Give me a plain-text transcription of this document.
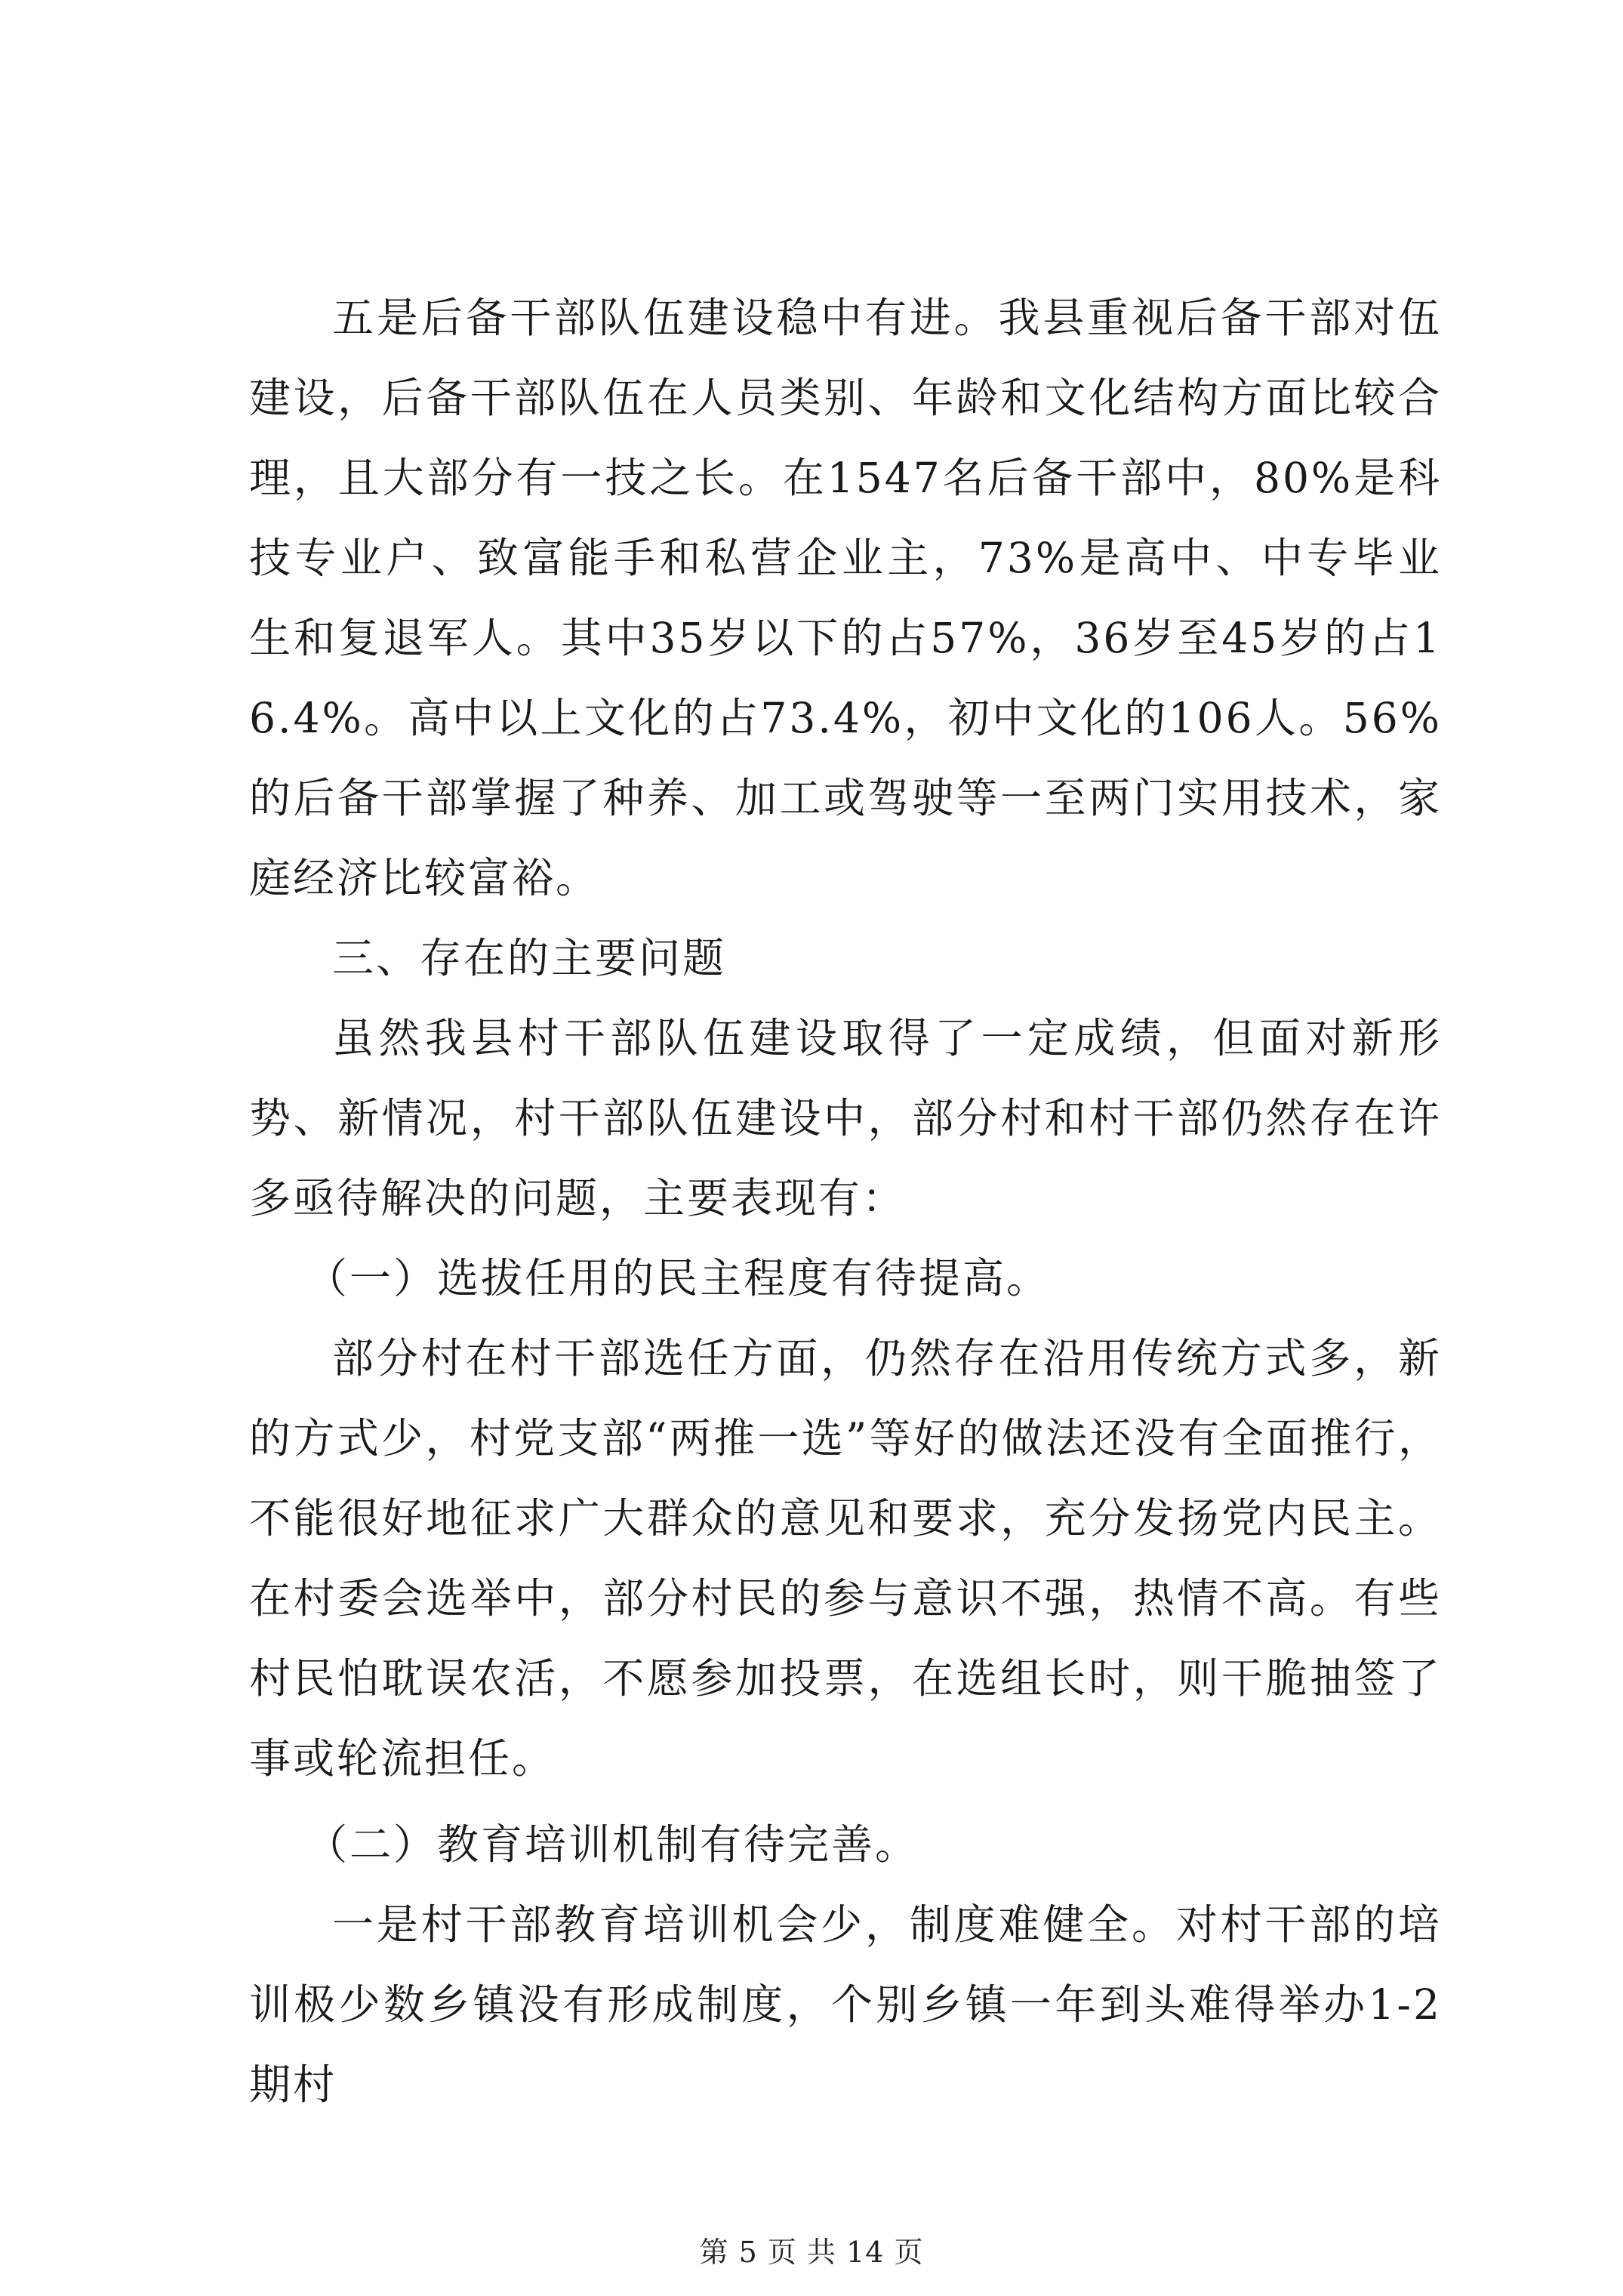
五是后备干部队伍建设稳中有进。我县重视后备干部对伍建设，后备干部队伍在人员类别、年龄和文化结构方面比较合理，且大部分有一技之长。在1547名后备干部中，80%是科技专业户、致富能手和私营企业主，73%是高中、中专毕业生和复退军人。其中35岁以下的占57%，36岁至45岁的占16.4%。高中以上文化的占73.4%，初中文化的106人。56%的后备干部掌握了种养、加工或驾驶等一至两门实用技术，家庭经济比较富裕。

三、存在的主要问题

虽然我县村干部队伍建设取得了一定成绩，但面对新形势、新情况，村干部队伍建设中，部分村和村干部仍然存在许多亟待解决的问题，主要表现有：

（一）选拔任用的民主程度有待提高。

部分村在村干部选任方面，仍然存在沿用传统方式多，新的方式少，村党支部“两推一选”等好的做法还没有全面推行，不能很好地征求广大群众的意见和要求，充分发扬党内民主。在村委会选举中，部分村民的参与意识不强，热情不高。有些村民怕耽误农活，不愿参加投票，在选组长时，则干脆抽签了事或轮流担任。

（二）教育培训机制有待完善。

一是村干部教育培训机会少，制度难健全。对村干部的培训极少数乡镇没有形成制度，个别乡镇一年到头难得举办1-2期村

第 5 页 共 14 页
